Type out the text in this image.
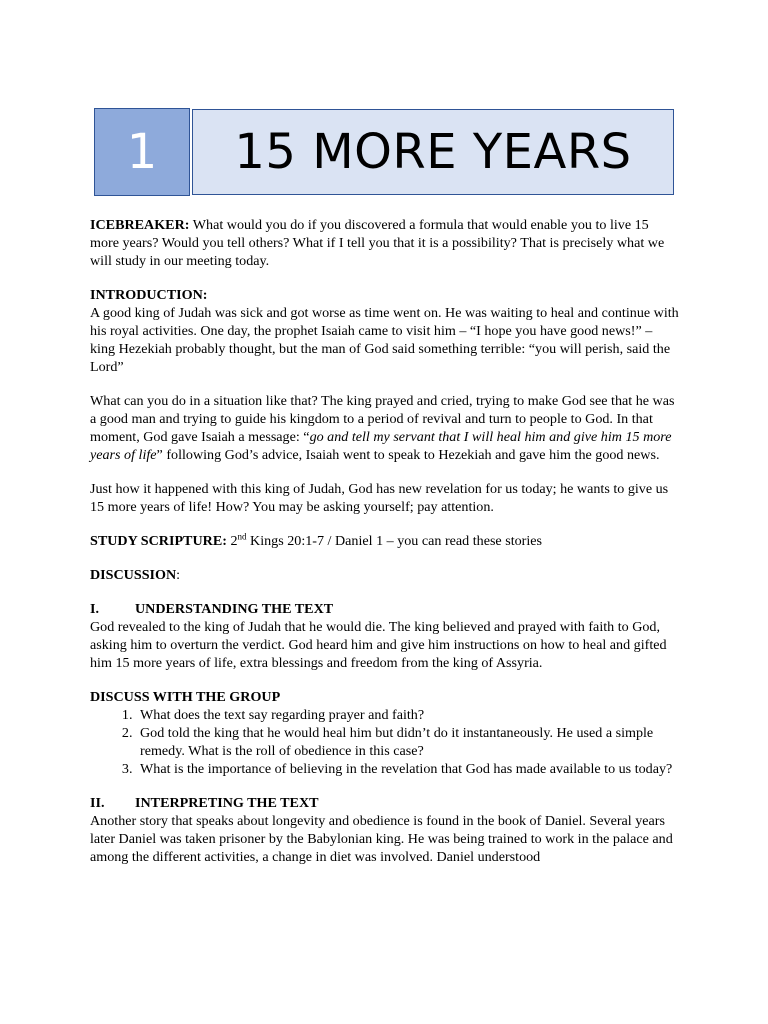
1 15 MORE YEARS

ICEBREAKER: What would you do if you discovered a formula that would enable you to live 15 more years? Would you tell others? What if I tell you that it is a possibility? That is precisely what we will study in our meeting today.

INTRODUCTION:

A good king of Judah was sick and got worse as time went on. He was waiting to heal and continue with his royal activities. One day, the prophet Isaiah came to visit him – “I hope you have good news!” – king Hezekiah probably thought, but the man of God said something terrible: “you will perish, said the Lord”

What can you do in a situation like that? The king prayed and cried, trying to make God see that he was a good man and trying to guide his kingdom to a period of revival and turn to people to God. In that moment, God gave Isaiah a message: “go and tell my servant that I will heal him and give him 15 more years of life” following God’s advice, Isaiah went to speak to Hezekiah and gave him the good news.

Just how it happened with this king of Judah, God has new revelation for us today; he wants to give us 15 more years of life! How? You may be asking yourself; pay attention.

STUDY SCRIPTURE: 2nd Kings 20:1-7 / Daniel 1 – you can read these stories

DISCUSSION:

I.	UNDERSTANDING THE TEXT

God revealed to the king of Judah that he would die. The king believed and prayed with faith to God, asking him to overturn the verdict. God heard him and give him instructions on how to heal and gifted him 15 more years of life, extra blessings and freedom from the king of Assyria.

DISCUSS WITH THE GROUP
1. What does the text say regarding prayer and faith?
2. God told the king that he would heal him but didn’t do it instantaneously. He used a simple remedy. What is the roll of obedience in this case?
3. What is the importance of believing in the revelation that God has made available to us today?
II.	INTERPRETING THE TEXT

Another story that speaks about longevity and obedience is found in the book of Daniel. Several years later Daniel was taken prisoner by the Babylonian king. He was being trained to work in the palace and among the different activities, a change in diet was involved. Daniel understood
